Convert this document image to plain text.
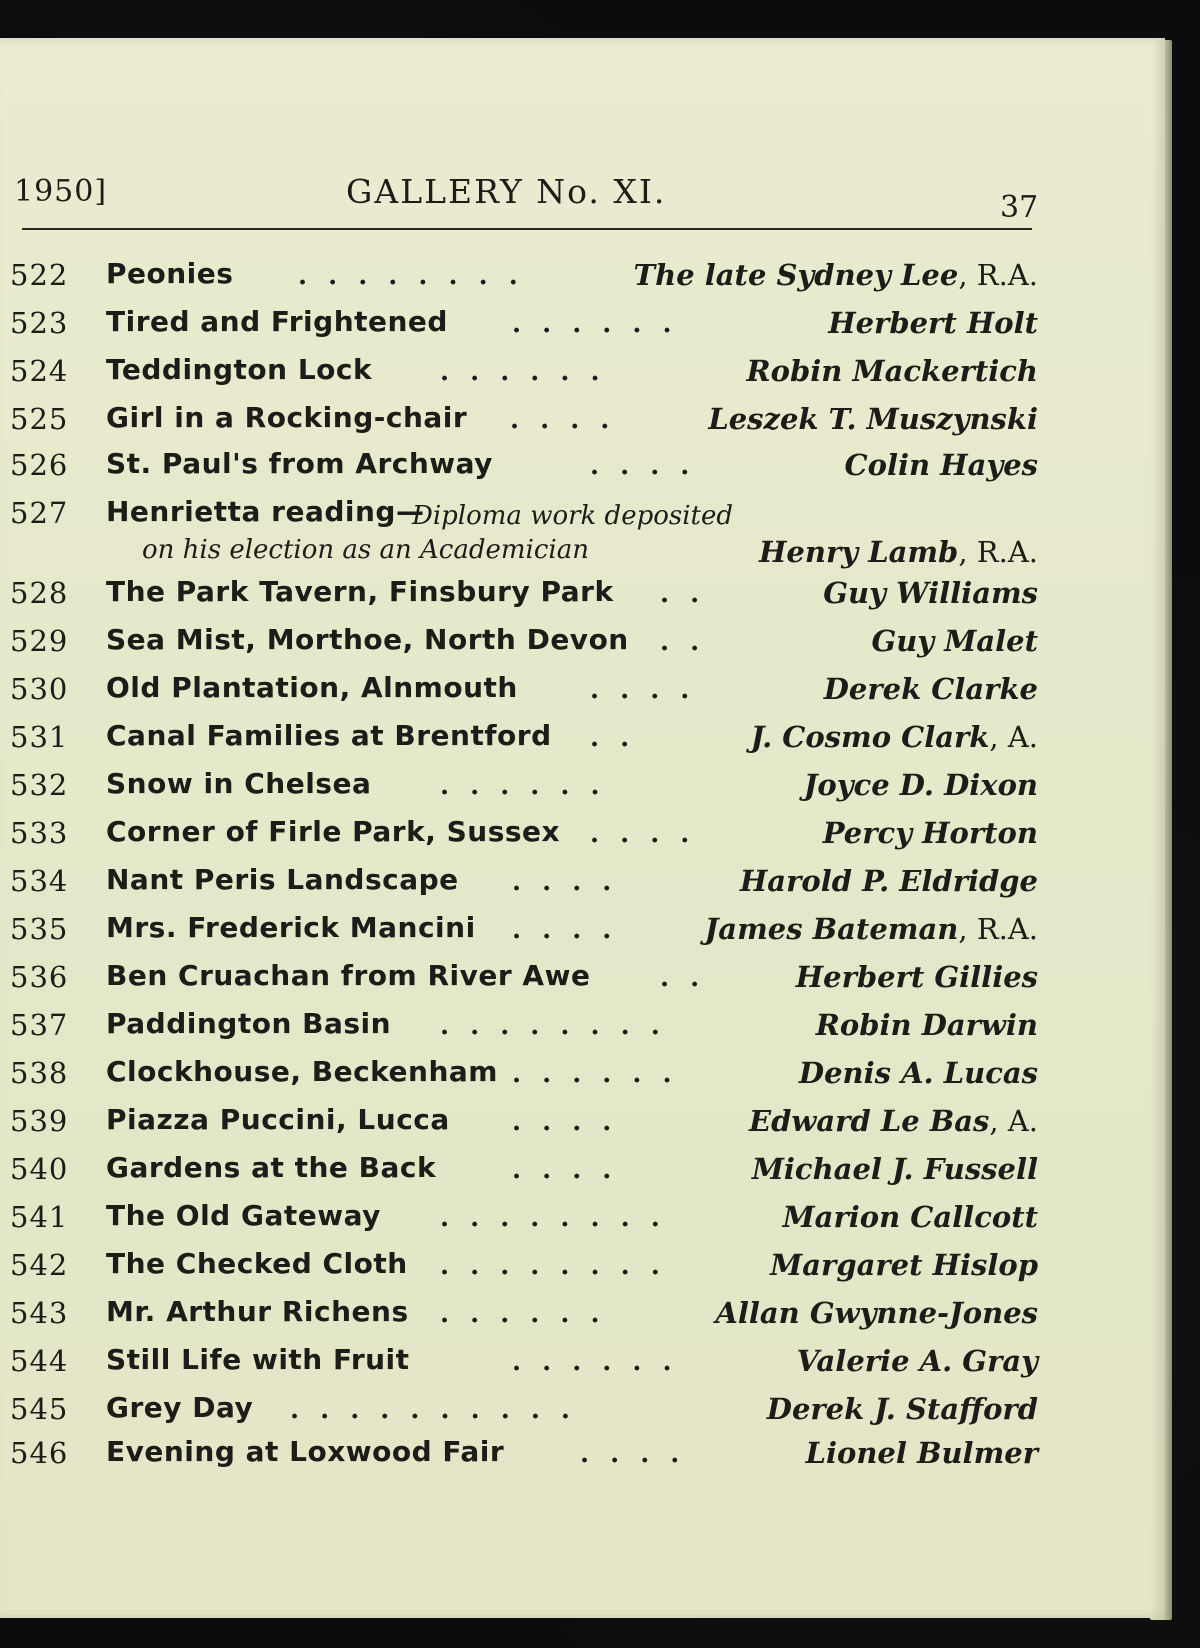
1950]	GALLERY No. XI.	37
522 Peonies . . . . . . . .	The late Sydney Lee, R.A.
523 Tired and Frightened . . . . . .	Herbert Holt
524 Teddington Lock	. . . . . .	Robin Mackertich
525 Girl in a Rocking-chair . . . .	Leszek T. Muszynski
526 St. Paul's from Archway	. . . .	Colin Hayes
527 Henrietta reading—
Diploma work deposited
on his election as an Academician	Henry Lamb, R.A.
528 The Park Tavern, Finsbury Park . .	Guy Williams
529 Sea Mist, Morthoe, North Devon . .	Guy Malet
530 Old Plantation, Alnmouth	. . . .	Derek Clarke
531 Canal Families at Brentford . .	J. Cosmo Clark, A.
532 Snow in Chelsea	. . . . . .	Joyce D. Dixon
533 Corner of Firle Park, Sussex . . . .	Percy Horton
534 Nant Peris Landscape . . . .	Harold P. Eldridge
535 Mrs. Frederick Mancini . . . .	James Bateman, R.A.
536 Ben Cruachan from River Awe	. .	Herbert Gillies
537 Paddington Basin . . . . . . . .	Robin Darwin
538 Clockhouse, Beckenham . . . . . .	Denis A. Lucas
539 Piazza Puccini, Lucca . . . .	Edward Le Bas, A.
540 Gardens at the Back	. . . .	Michael J. Fussell
541 The Old Gateway . . . . . . . .	Marion Callcott
542 The Checked Cloth . . . . . . . .	Margaret Hislop
543 Mr. Arthur Richens . . . . . .	Allan Gwynne-Jones
544 Still Life with Fruit	. . . . . .	Valerie A. Gray
545 Grey Day . . . . . . . . . .	Derek J. Stafford
546 Evening at Loxwood Fair	. . . .	Lionel Bulmer
